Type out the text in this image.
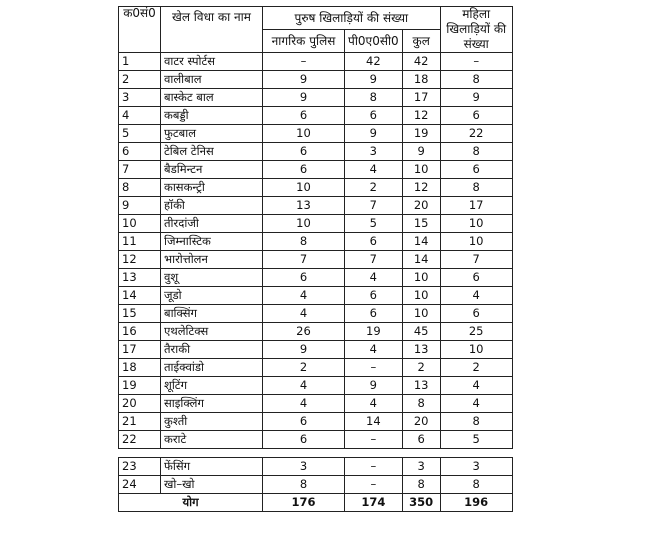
क0सं0	खेल विधा का नाम	पुरुष खिलाड़ियों की संख्या			महिला खिलाड़ियों की संख्या
		नागरिक पुलिस	पी0ए0सी0	कुल	
1	वाटर स्पोर्टस	–	42	42	–
2	वालीबाल	9	9	18	8
3	बास्केट बाल	9	8	17	9
4	कबड्डी	6	6	12	6
5	फुटबाल	10	9	19	22
6	टेबिल टेनिस	6	3	9	8
7	बैडमिन्टन	6	4	10	6
8	कासकन्ट्री	10	2	12	8
9	हॉकी	13	7	20	17
10	तीरदांजी	10	5	15	10
11	जिम्नास्टिक	8	6	14	10
12	भारोत्तोलन	7	7	14	7
13	वुशू	6	4	10	6
14	जूडो	4	6	10	4
15	बाक्सिंग	4	6	10	6
16	एथलेटिक्स	26	19	45	25
17	तैराकी	9	4	13	10
18	ताईक्वांडो	2	–	2	2
19	शूटिंग	4	9	13	4
20	साइक्लिंग	4	4	8	4
21	कुश्ती	6	14	20	8
22	कराटे	6	–	6	5

23	फेंसिंग	3	–	3	3
24	खो–खो	8	–	8	8
योग		176	174	350	196
